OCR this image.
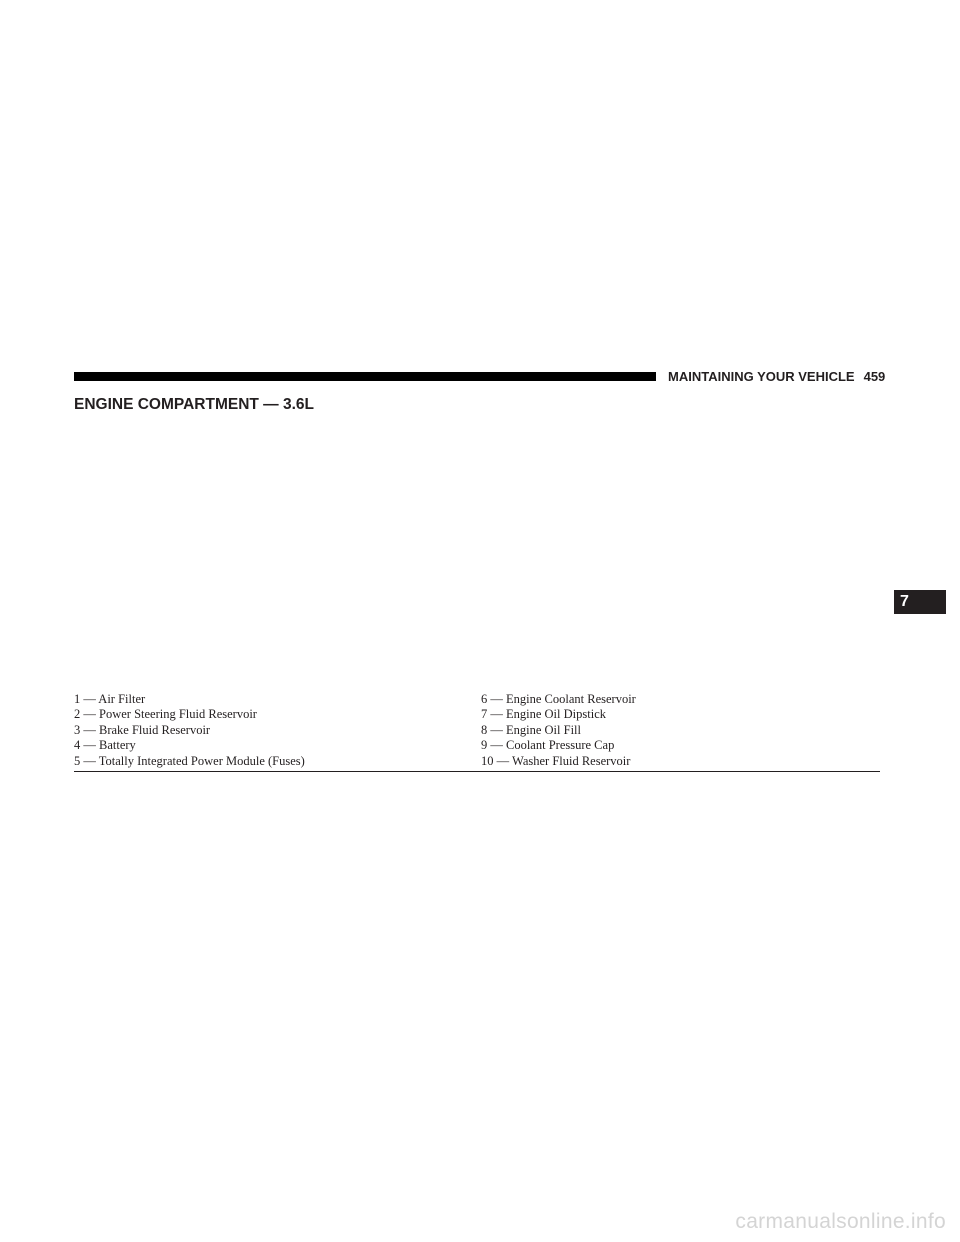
MAINTAINING YOUR VEHICLE 459
ENGINE COMPARTMENT — 3.6L
1 — Air Filter
2 — Power Steering Fluid Reservoir
3 — Brake Fluid Reservoir
4 — Battery
5 — Totally Integrated Power Module (Fuses)
6 — Engine Coolant Reservoir
7 — Engine Oil Dipstick
8 — Engine Oil Fill
9 — Coolant Pressure Cap
10 — Washer Fluid Reservoir
7
carmanualsonline.info
